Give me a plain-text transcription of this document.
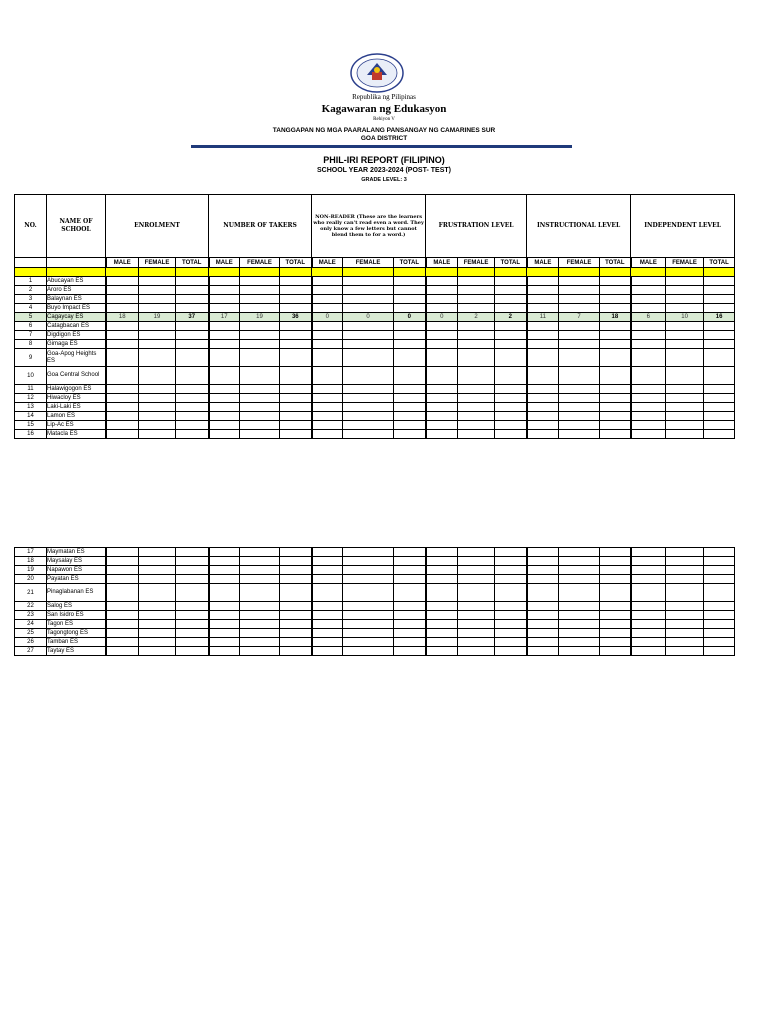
Republika ng Pilipinas
Kagawaran ng Edukasyon
Rehiyon V
TANGGAPAN NG MGA PAARALANG PANSANGAY NG CAMARINES SUR
GOA DISTRICT
PHIL-IRI REPORT (FILIPINO)
SCHOOL YEAR 2023-2024 (POST- TEST)
GRADE LEVEL: 3
NO.	NAME OF SCHOOL	ENROLMENT			NUMBER OF TAKERS			NON-READER (These are the learners who really can't read even a word. They only know a few letters but cannot blend them to for a word.)			FRUSTRATION LEVEL			INSTRUCTIONAL LEVEL			INDEPENDENT LEVEL		
		MALE	FEMALE	TOTAL	MALE	FEMALE	TOTAL	MALE	FEMALE	TOTAL	MALE	FEMALE	TOTAL	MALE	FEMALE	TOTAL	MALE	FEMALE	TOTAL

1	Abucayan ES																		
2	Aroro ES																		
3	Balaynan ES																		
4	Buyo Impact ES																		
5	Cagaycay ES	18	19	37	17	19	36	0	0	0	0	2	2	11	7	18	6	10	16
6	Catagbacan ES																		
7	Digdigon ES																		
8	Gimaga ES																		
9	Goa-Apog Heights ES																		
10	Goa Central School																		
11	Halawigogon ES																		
12	Hiwacloy ES																		
13	Laki-Laki ES																		
14	Lamon ES																		
15	Lip-Ac ES																		
16	Matacla ES																		
17	Maymatan ES																		
18	Maysalay ES																		
19	Napawon ES																		
20	Payatan ES																		
21	Pinaglabanan ES																		
22	Salog ES																		
23	San Isidro ES																		
24	Tagon ES																		
25	Tagongtong ES																		
26	Tamban ES																		
27	Taytay ES																		
